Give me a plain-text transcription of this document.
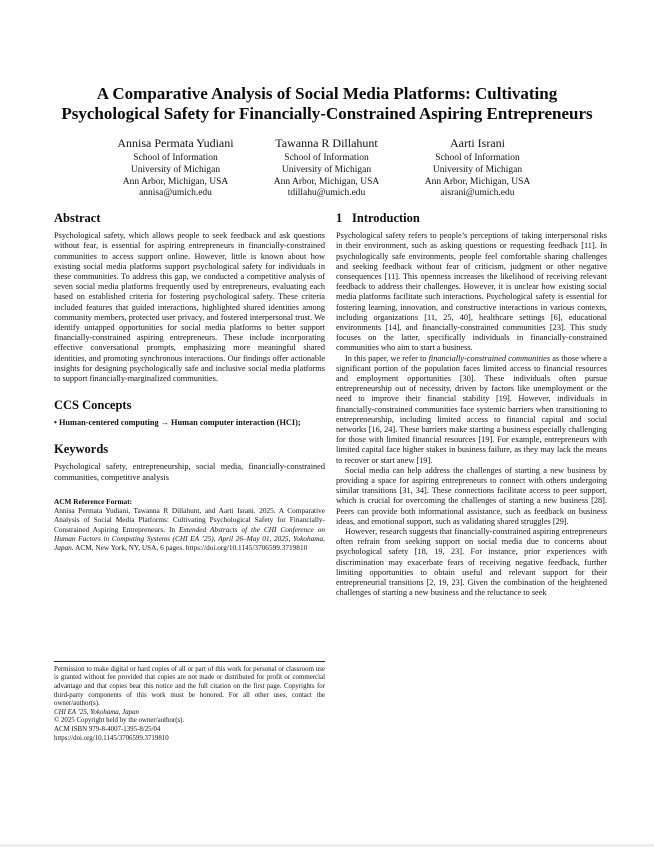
A Comparative Analysis of Social Media Platforms: Cultivating Psychological Safety for Financially-Constrained Aspiring Entrepreneurs
Annisa Permata Yudiani
School of Information
University of Michigan
Ann Arbor, Michigan, USA
annisa@umich.edu
Tawanna R Dillahunt
School of Information
University of Michigan
Ann Arbor, Michigan, USA
tdillahu@umich.edu
Aarti Israni
School of Information
University of Michigan
Ann Arbor, Michigan, USA
aisrani@umich.edu
Abstract

Psychological safety, which allows people to seek feedback and ask questions without fear, is essential for aspiring entrepreneurs in financially-constrained communities to access support online. However, little is known about how existing social media platforms support psychological safety for individuals in these communities. To address this gap, we conducted a competitive analysis of seven social media platforms frequently used by entrepreneurs, evaluating each based on established criteria for fostering psychological safety. These criteria included features that guided interactions, highlighted shared identities among community members, protected user privacy, and fostered interpersonal trust. We identify untapped opportunities for social media platforms to better support financially-constrained aspiring entrepreneurs. These include incorporating effective conversational prompts, emphasizing more meaningful shared identities, and promoting synchronous interactions. Our findings offer actionable insights for designing psychologically safe and inclusive social media platforms to support financially-marginalized communities.

CCS Concepts

• Human-centered computing → Human computer interaction (HCI);

Keywords

Psychological safety, entrepreneurship, social media, financially-constrained communities, competitive analysis

ACM Reference Format:

Annisa Permata Yudiani, Tawanna R Dillahunt, and Aarti Israni. 2025. A Comparative Analysis of Social Media Platforms: Cultivating Psychological Safety for Financially-Constrained Aspiring Entrepreneurs. In Extended Abstracts of the CHI Conference on Human Factors in Computing Systems (CHI EA ’25), April 26–May 01, 2025, Yokohama, Japan. ACM, New York, NY, USA, 6 pages. https://doi.org/10.1145/3706599.3719810

Permission to make digital or hard copies of all or part of this work for personal or classroom use is granted without fee provided that copies are not made or distributed for profit or commercial advantage and that copies bear this notice and the full citation on the first page. Copyrights for third-party components of this work must be honored. For all other uses, contact the owner/author(s).

CHI EA ’25, Yokohama, Japan

© 2025 Copyright held by the owner/author(s).

ACM ISBN 979-8-4007-1395-8/25/04

https://doi.org/10.1145/3706599.3719810

1 Introduction

Psychological safety refers to people’s perceptions of taking interpersonal risks in their environment, such as asking questions or requesting feedback [11]. In psychologically safe environments, people feel comfortable sharing challenges and seeking feedback without fear of criticism, judgment or other negative consequences [11]. This openness increases the likelihood of receiving relevant feedback to address their challenges. However, it is unclear how existing social media platforms facilitate such interactions. Psychological safety is essential for fostering learning, innovation, and constructive interactions in various contexts, including organizations [11, 25, 40], healthcare settings [6], educational environments [14], and financially-constrained communities [23]. This study focuses on the latter, specifically individuals in financially-constrained communities who aim to start a business.

In this paper, we refer to financially-constrained communities as those where a significant portion of the population faces limited access to financial resources and employment opportunities [30]. These individuals often pursue entrepreneurship out of necessity, driven by factors like unemployment or the need to improve their financial stability [19]. However, individuals in financially-constrained communities face systemic barriers when transitioning to entrepreneurship, including limited access to financial capital and social networks [16, 24]. These barriers make starting a business especially challenging for those with limited financial resources [19]. For example, entrepreneurs with limited capital face higher stakes in business failure, as they may lack the means to recover or start anew [19].

Social media can help address the challenges of starting a new business by providing a space for aspiring entrepreneurs to connect with others undergoing similar transitions [31, 34]. These connections facilitate access to peer support, which is crucial for overcoming the challenges of starting a new business [28]. Peers can provide both informational assistance, such as feedback on business ideas, and emotional support, such as validating shared struggles [29].

However, research suggests that financially-constrained aspiring entrepreneurs often refrain from seeking support on social media due to concerns about psychological safety [18, 19, 23]. For instance, prior experiences with discrimination may exacerbate fears of receiving negative feedback, further limiting opportunities to obtain useful and relevant support for their entrepreneurial transitions [2, 19, 23]. Given the combination of the heightened challenges of starting a new business and the reluctance to seek
